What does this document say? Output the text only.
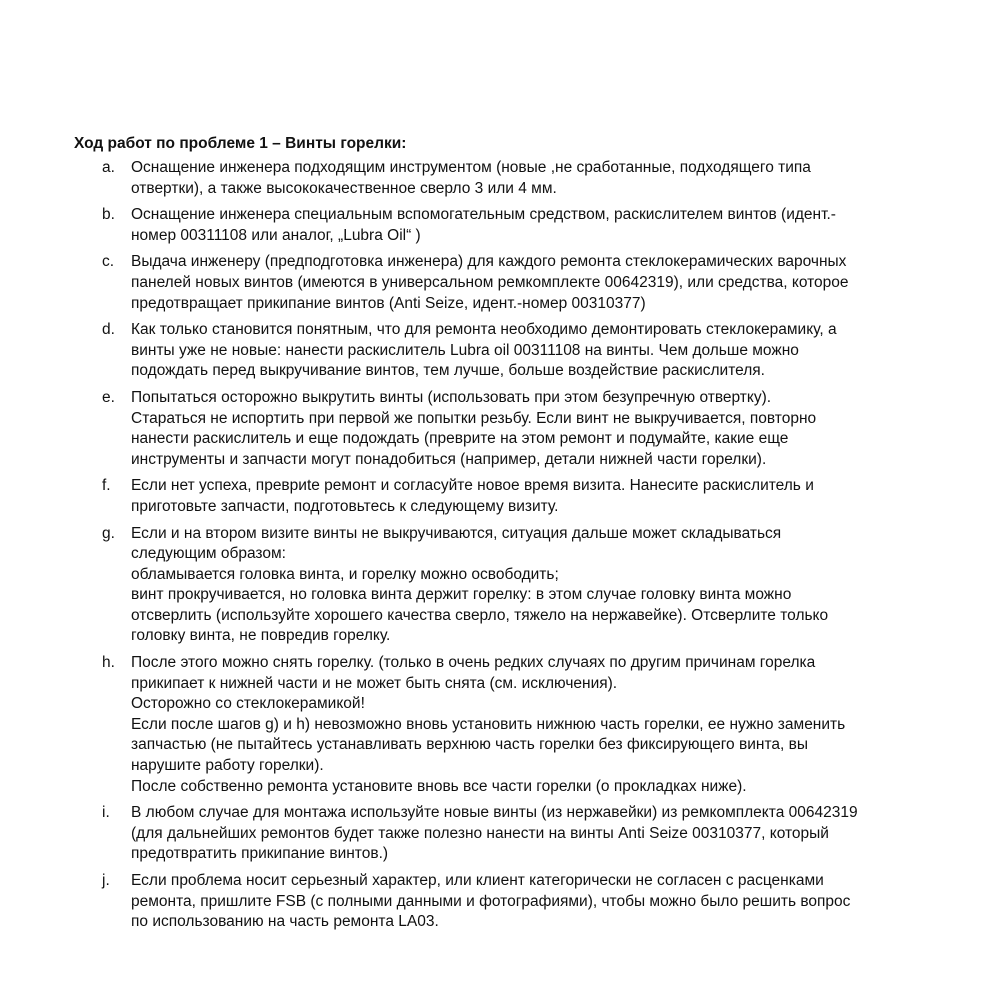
Ход работ по проблеме 1 – Винты горелки:
a. Оснащение инженера подходящим инструментом (новые ,не сработанные, подходящего типа
отвертки), а также высококачественное сверло 3 или 4 мм.
b. Оснащение инженера специальным вспомогательным средством, раскислителем винтов (идент.-
номер 00311108 или аналог, „Lubra Oil“ )
c. Выдача инженеру (предподготовка инженера) для каждого ремонта стеклокерамических варочных
панелей новых винтов (имеются в универсальном ремкомплекте 00642319), или средства, которое
предотвращает прикипание винтов (Anti Seize, идент.-номер 00310377)
d. Как только становится понятным, что для ремонта необходимо демонтировать стеклокерамику, а
винты уже не новые: нанести раскислитель Lubra oil 00311108 на винты. Чем дольше можно
подождать перед выкручивание винтов, тем лучше, больше воздействие раскислителя.
e. Попытаться осторожно выкрутить винты (использовать при этом безупречную отвертку).
Стараться не испортить при первой же попытки резьбу. Если винт не выкручивается, повторно
нанести раскислитель и еще подождать (преврите на этом ремонт и подумайте, какие еще
инструменты и запчасти могут понадобиться (например, детали нижней части горелки).
f. Если нет успеха, превриte ремонт и согласуйте новое время визита. Нанесите раскислитель и
приготовьте запчасти, подготовьтесь к следующему визиту.
g. Если и на втором визите винты не выкручиваются, ситуация дальше может складываться
следующим образом:
обламывается головка винта, и горелку можно освободить;
винт прокручивается, но головка винта держит горелку: в этом случае головку винта можно
отсверлить (используйте хорошего качества сверло, тяжело на нержавейке). Отсверлите только
головку винта, не повредив горелку.
h. После этого можно снять горелку. (только в очень редких случаях по другим причинам горелка
прикипает к нижней части и не может быть снята (см. исключения).
Осторожно со стеклокерамикой!
Если после шагов g) и h) невозможно вновь установить нижнюю часть горелки, ее нужно заменить
запчастью (не пытайтесь устанавливать верхнюю часть горелки без фиксирующего винта, вы
нарушите работу горелки).
После собственно ремонта установите вновь все части горелки (о прокладках ниже).
i. В любом случае для монтажа используйте новые винты (из нержавейки) из ремкомплекта 00642319
(для дальнейших ремонтов будет также полезно нанести на винты Anti Seize 00310377, который
предотвратить прикипание винтов.)
j. Если проблема носит серьезный характер, или клиент категорически не согласен с расценками
ремонта, пришлите FSB (с полными данными и фотографиями), чтобы можно было решить вопрос
по использованию на часть ремонта LA03.
